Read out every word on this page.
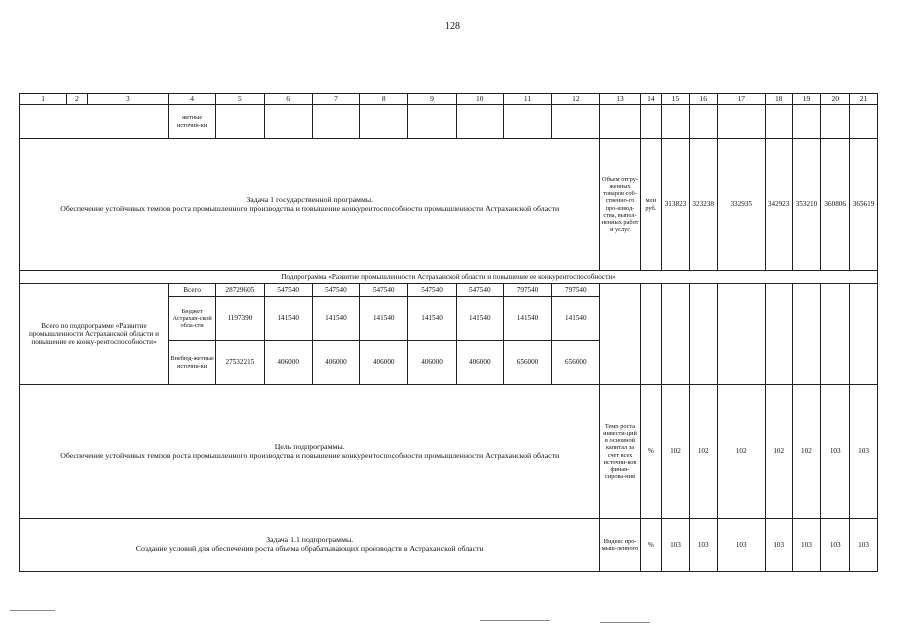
128
1	2	3	4	5	6	7	8	9	10	11	12	13	14	15	16	17	18	19	20	21
			жетные источни-ки																	

Задача 1 государственной программы.
Обеспечение устойчивых темпов роста промышленного производства и повышение конкурентоспособности промышленности Астраханской области												Объем отгру-женных товаров соб-ственно-го про-извод-ства, выпол-ненных работ и услуг	млн руб.	313823	323238	332935	342923	353210	360806	365619
Подпрограмма «Развитие промышленности Астраханской области и повышение ее конкурентоспособности»																				
Всего по подпрограмме «Развитие промышленности Астраханской области и повышение ее конку-рентоспособности»			Всего	28729605	547540	547540	547540	547540	547540	797540	797540									
			Бюджет Астрахан-ской обла-сти	1197390	141540	141540	141540	141540	141540	141540	141540									
			Внебюд-жетные источни-ки	27532215	406000	406000	406000	406000	406000	656000	656000									

Цель подпрограммы.
Обеспечение устойчивых темпов роста промышленного производства и повышение конкурентоспособности промышленности Астраханской области												Темп роста инвести-ций в основной капитал за счет всех источни-ков финан-сирова-ния	%	102	102	102	102	102	103	103

Задача 1.1 подпрограммы.
Создание условий для обеспечения роста объема обрабатывающих производств в Астраханской области												Индекс про-мыш-ленного	%	103	103	103	103	103	103	103
